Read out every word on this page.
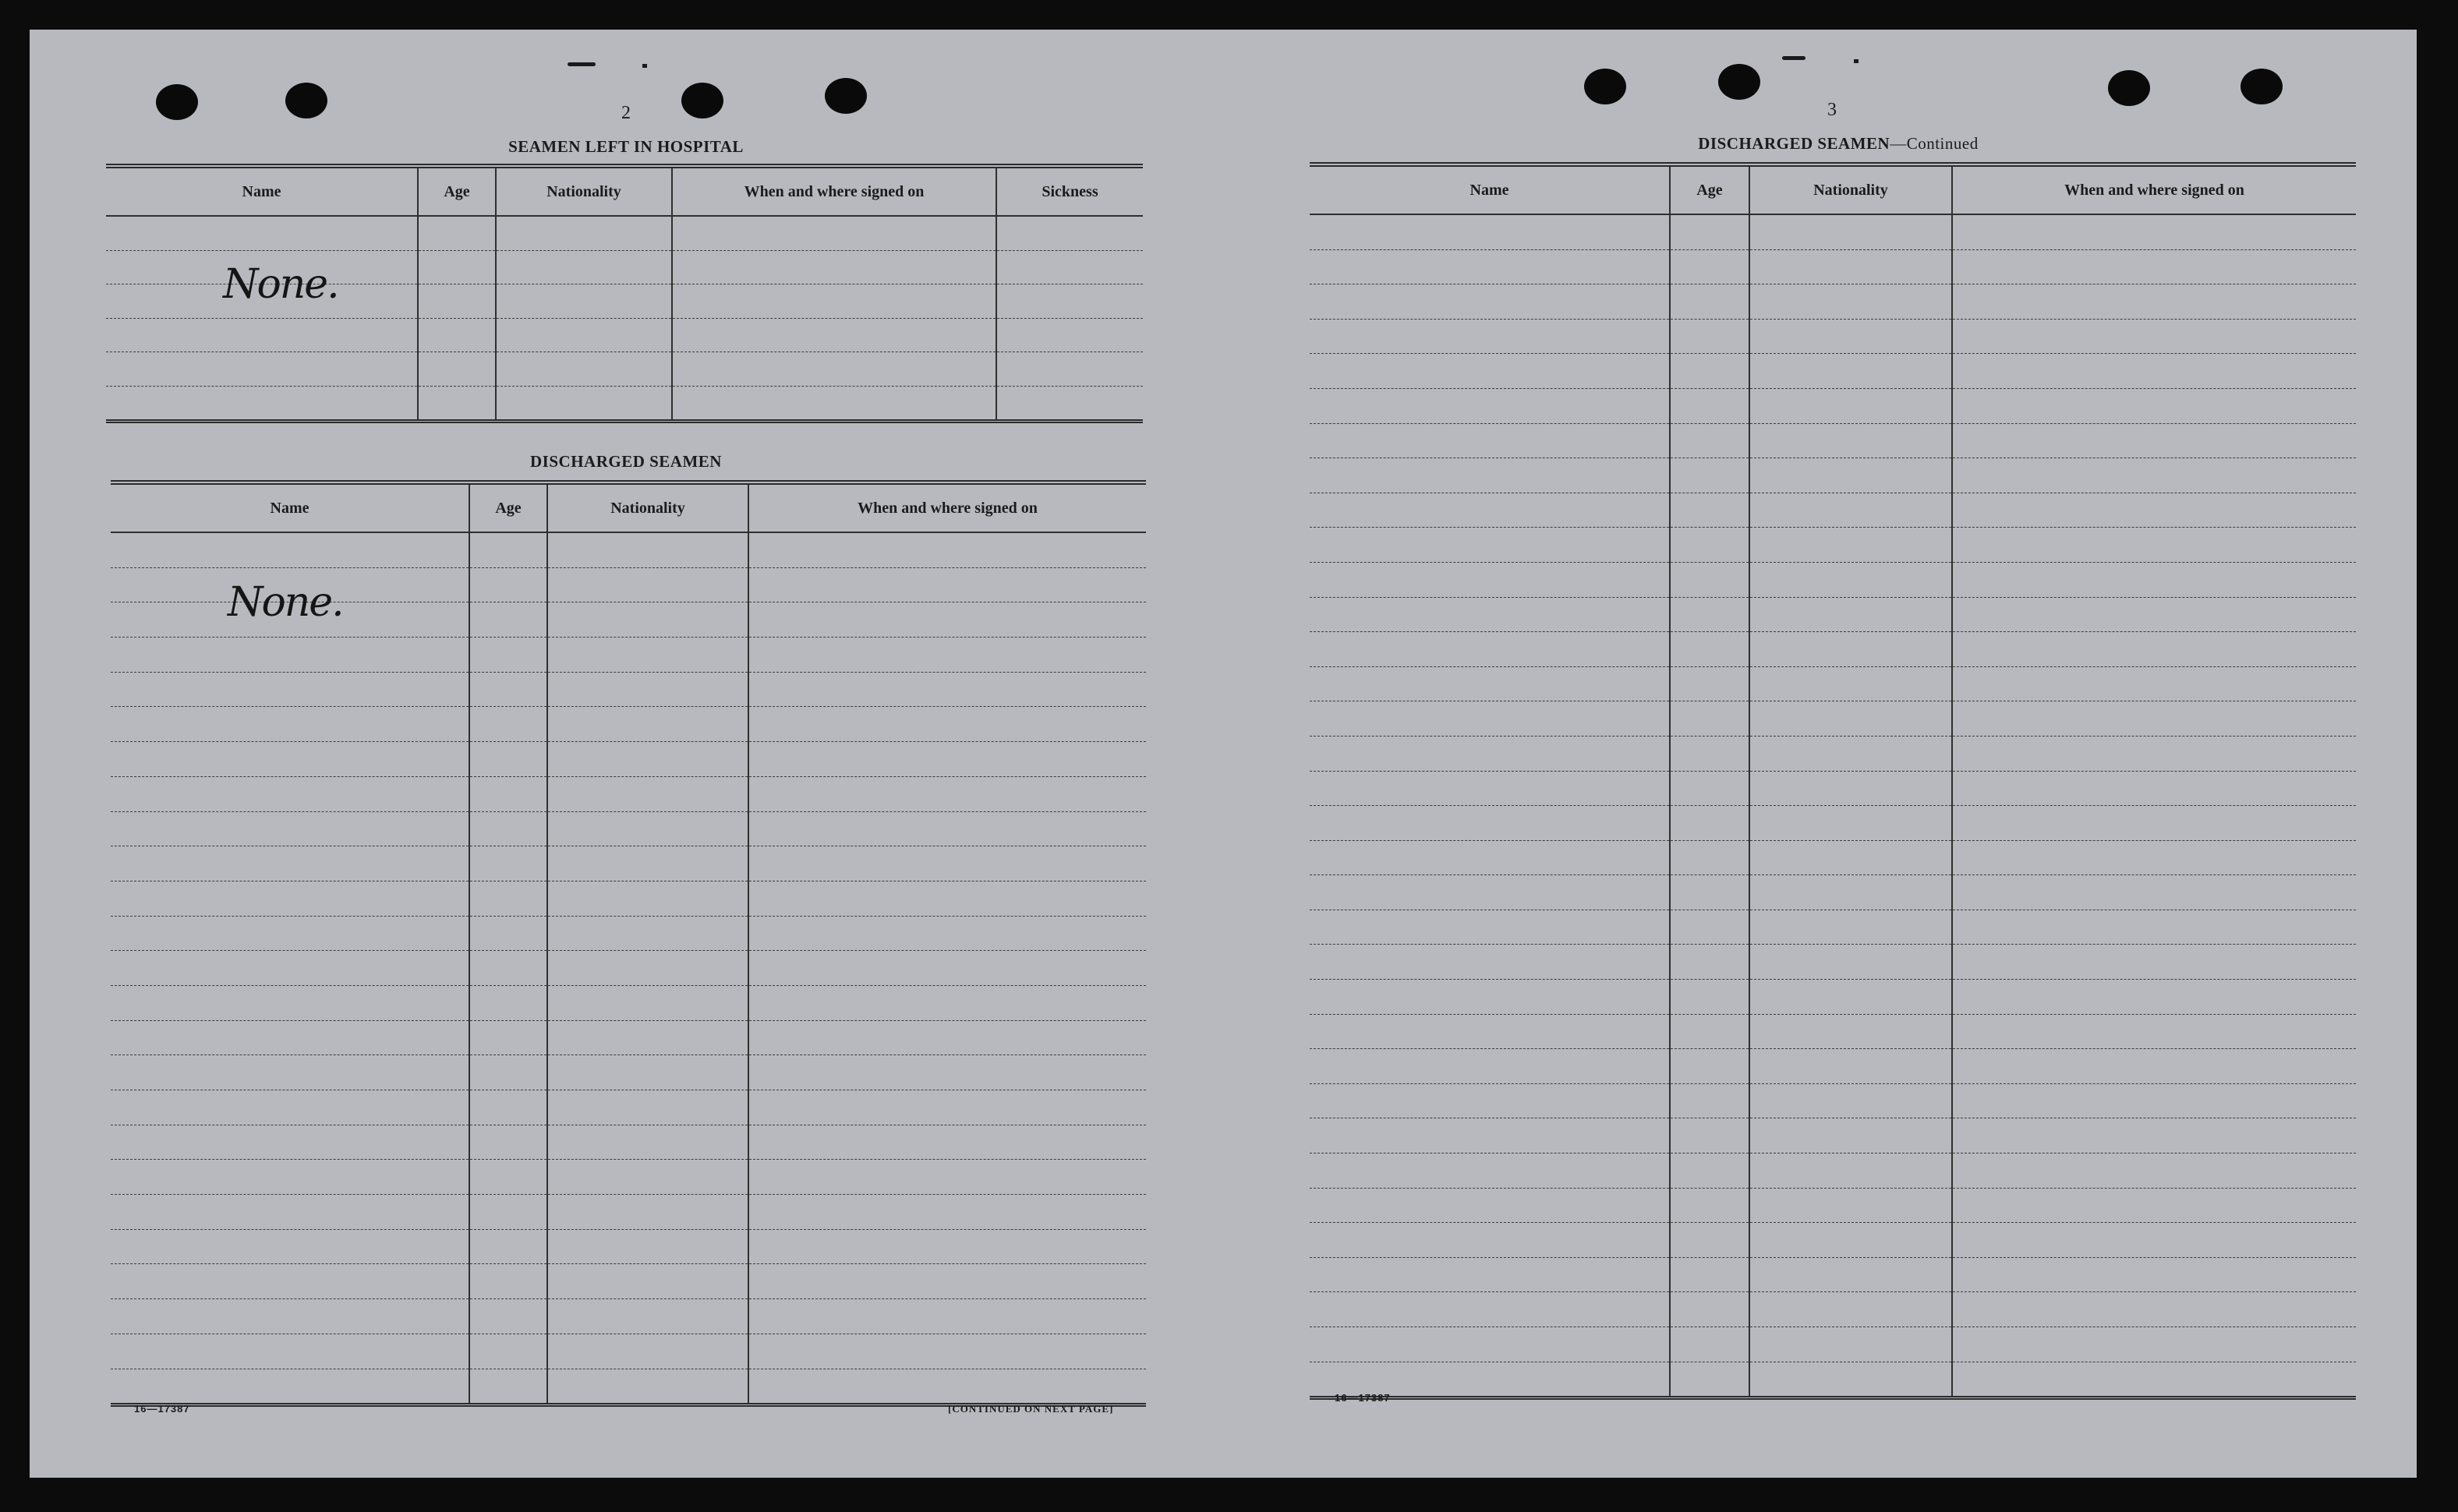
2
SEAMEN LEFT IN HOSPITAL
Name	Age	Nationality	When and where signed on	Sickness

None.				

DISCHARGED SEAMEN
Name	Age	Nationality	When and where signed on

None.			

16—17387	[CONTINUED ON NEXT PAGE]
3
DISCHARGED SEAMEN—Continued
Name	Age	Nationality	When and where signed on

16—17387
